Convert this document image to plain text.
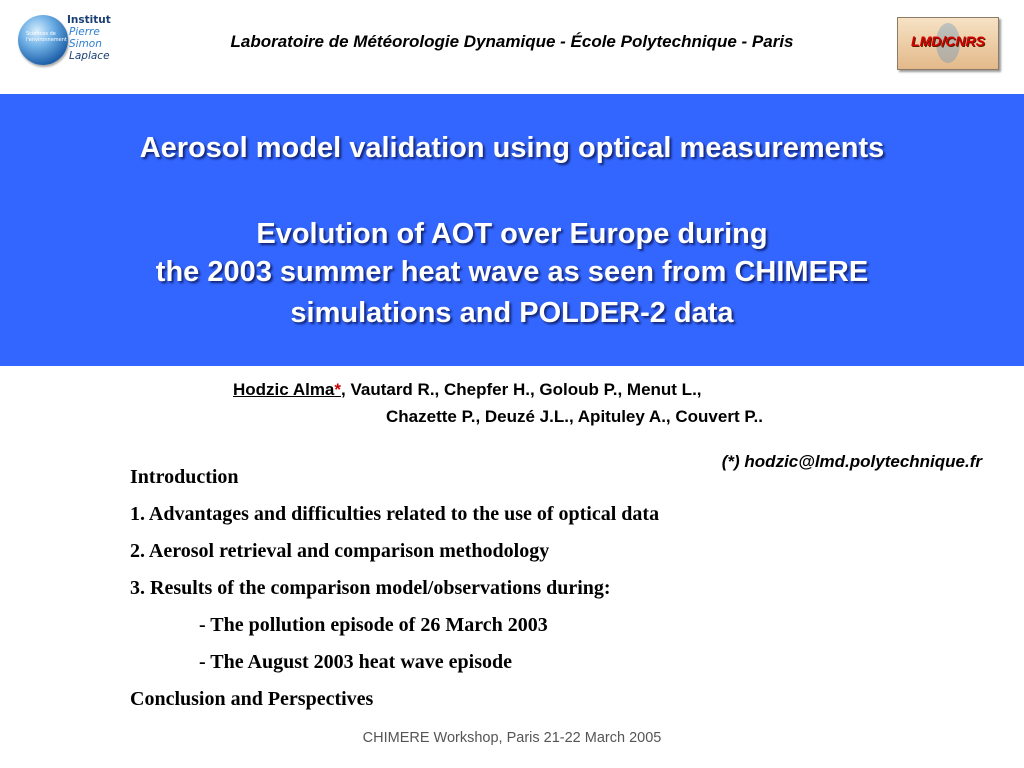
Sciences de
l'environnement
Institut
Pierre
Simon
Laplace
Laboratoire de Météorologie Dynamique - École Polytechnique - Paris	LMD/CNRS
Aerosol model validation using optical measurements
Evolution of AOT over Europe during
the 2003 summer heat wave as seen from CHIMERE
simulations and POLDER-2 data
Hodzic Alma*, Vautard R., Chepfer H., Goloub P., Menut L.,
Chazette P., Deuzé J.L., Apituley A., Couvert P..
(*) hodzic@lmd.polytechnique.fr
Introduction
1. Advantages and difficulties related to the use of optical data
2. Aerosol retrieval and comparison methodology
3. Results of the comparison model/observations during:
- The pollution episode of 26 March 2003
- The August 2003 heat wave episode
Conclusion and Perspectives
CHIMERE Workshop, Paris 21-22 March 2005
